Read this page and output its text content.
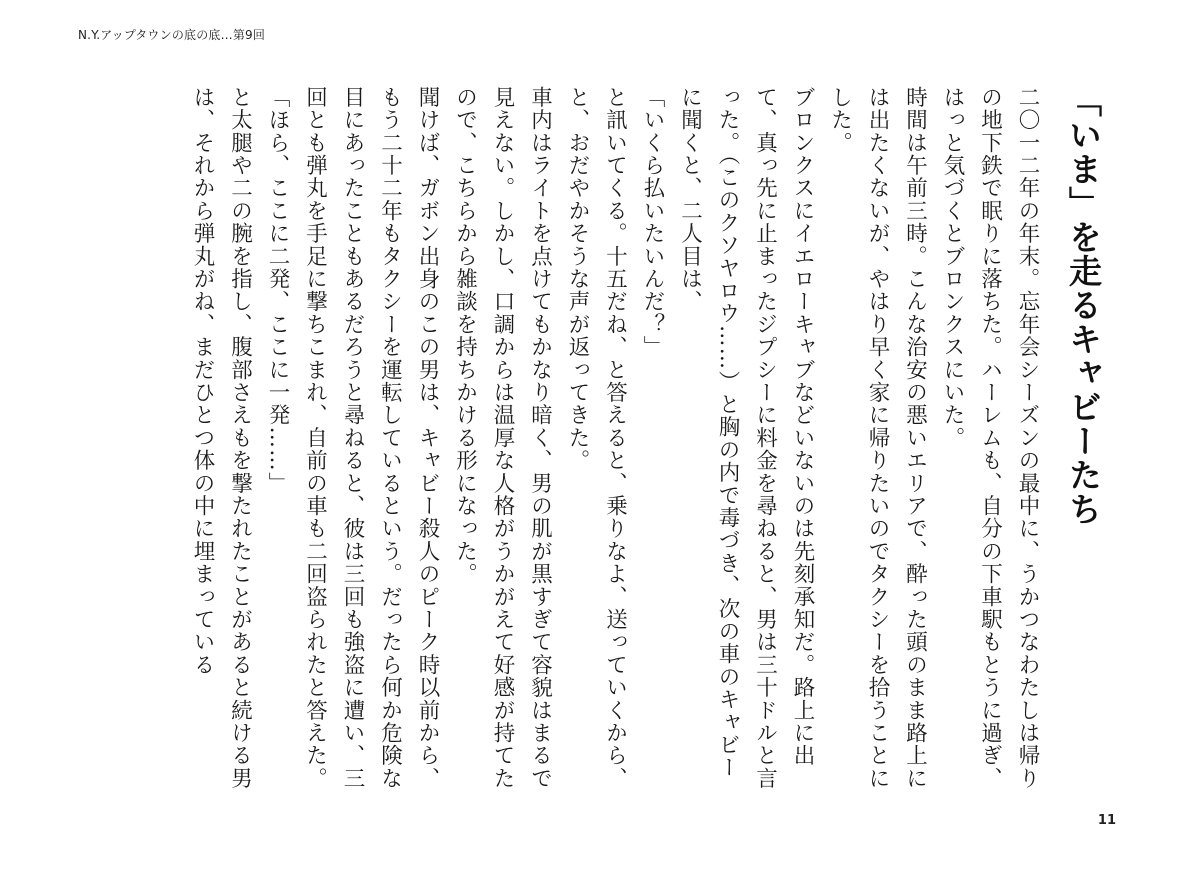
N.Y.アップタウンの底の底…第9回
「いま」を走るキャビーたち

二〇一二年の年末。忘年会シーズンの最中に、うかつなわたしは帰りの地下鉄で眠りに落ちた。ハーレムも、自分の下車駅もとうに過ぎ、はっと気づくとブロンクスにいた。

時間は午前三時。こんな治安の悪いエリアで、酔った頭のまま路上には出たくないが、やはり早く家に帰りたいのでタクシーを拾うことにした。

ブロンクスにイエローキャブなどいないのは先刻承知だ。路上に出て、真っ先に止まったジプシーに料金を尋ねると、男は三十ドルと言った。（このクソヤロウ……）と胸の内で毒づき、次の車のキャビーに聞くと、二人目は、

「いくら払いたいんだ？」

と訊いてくる。十五だね、と答えると、乗りなよ、送っていくから、と、おだやかそうな声が返ってきた。

車内はライトを点けてもかなり暗く、男の肌が黒すぎて容貌はまるで見えない。しかし、口調からは温厚な人格がうかがえて好感が持てたので、こちらから雑談を持ちかける形になった。

聞けば、ガボン出身のこの男は、キャビー殺人のピーク時以前から、もう二十二年もタクシーを運転しているという。だったら何か危険な目にあったこともあるだろうと尋ねると、彼は三回も強盗に遭い、三回とも弾丸を手足に撃ちこまれ、自前の車も二回盗られたと答えた。

「ほら、ここに二発、ここに一発……」

と太腿や二の腕を指し、腹部さえもを撃たれたことがあると続ける男は、それから弾丸がね、まだひとつ体の中に埋まっている

11
